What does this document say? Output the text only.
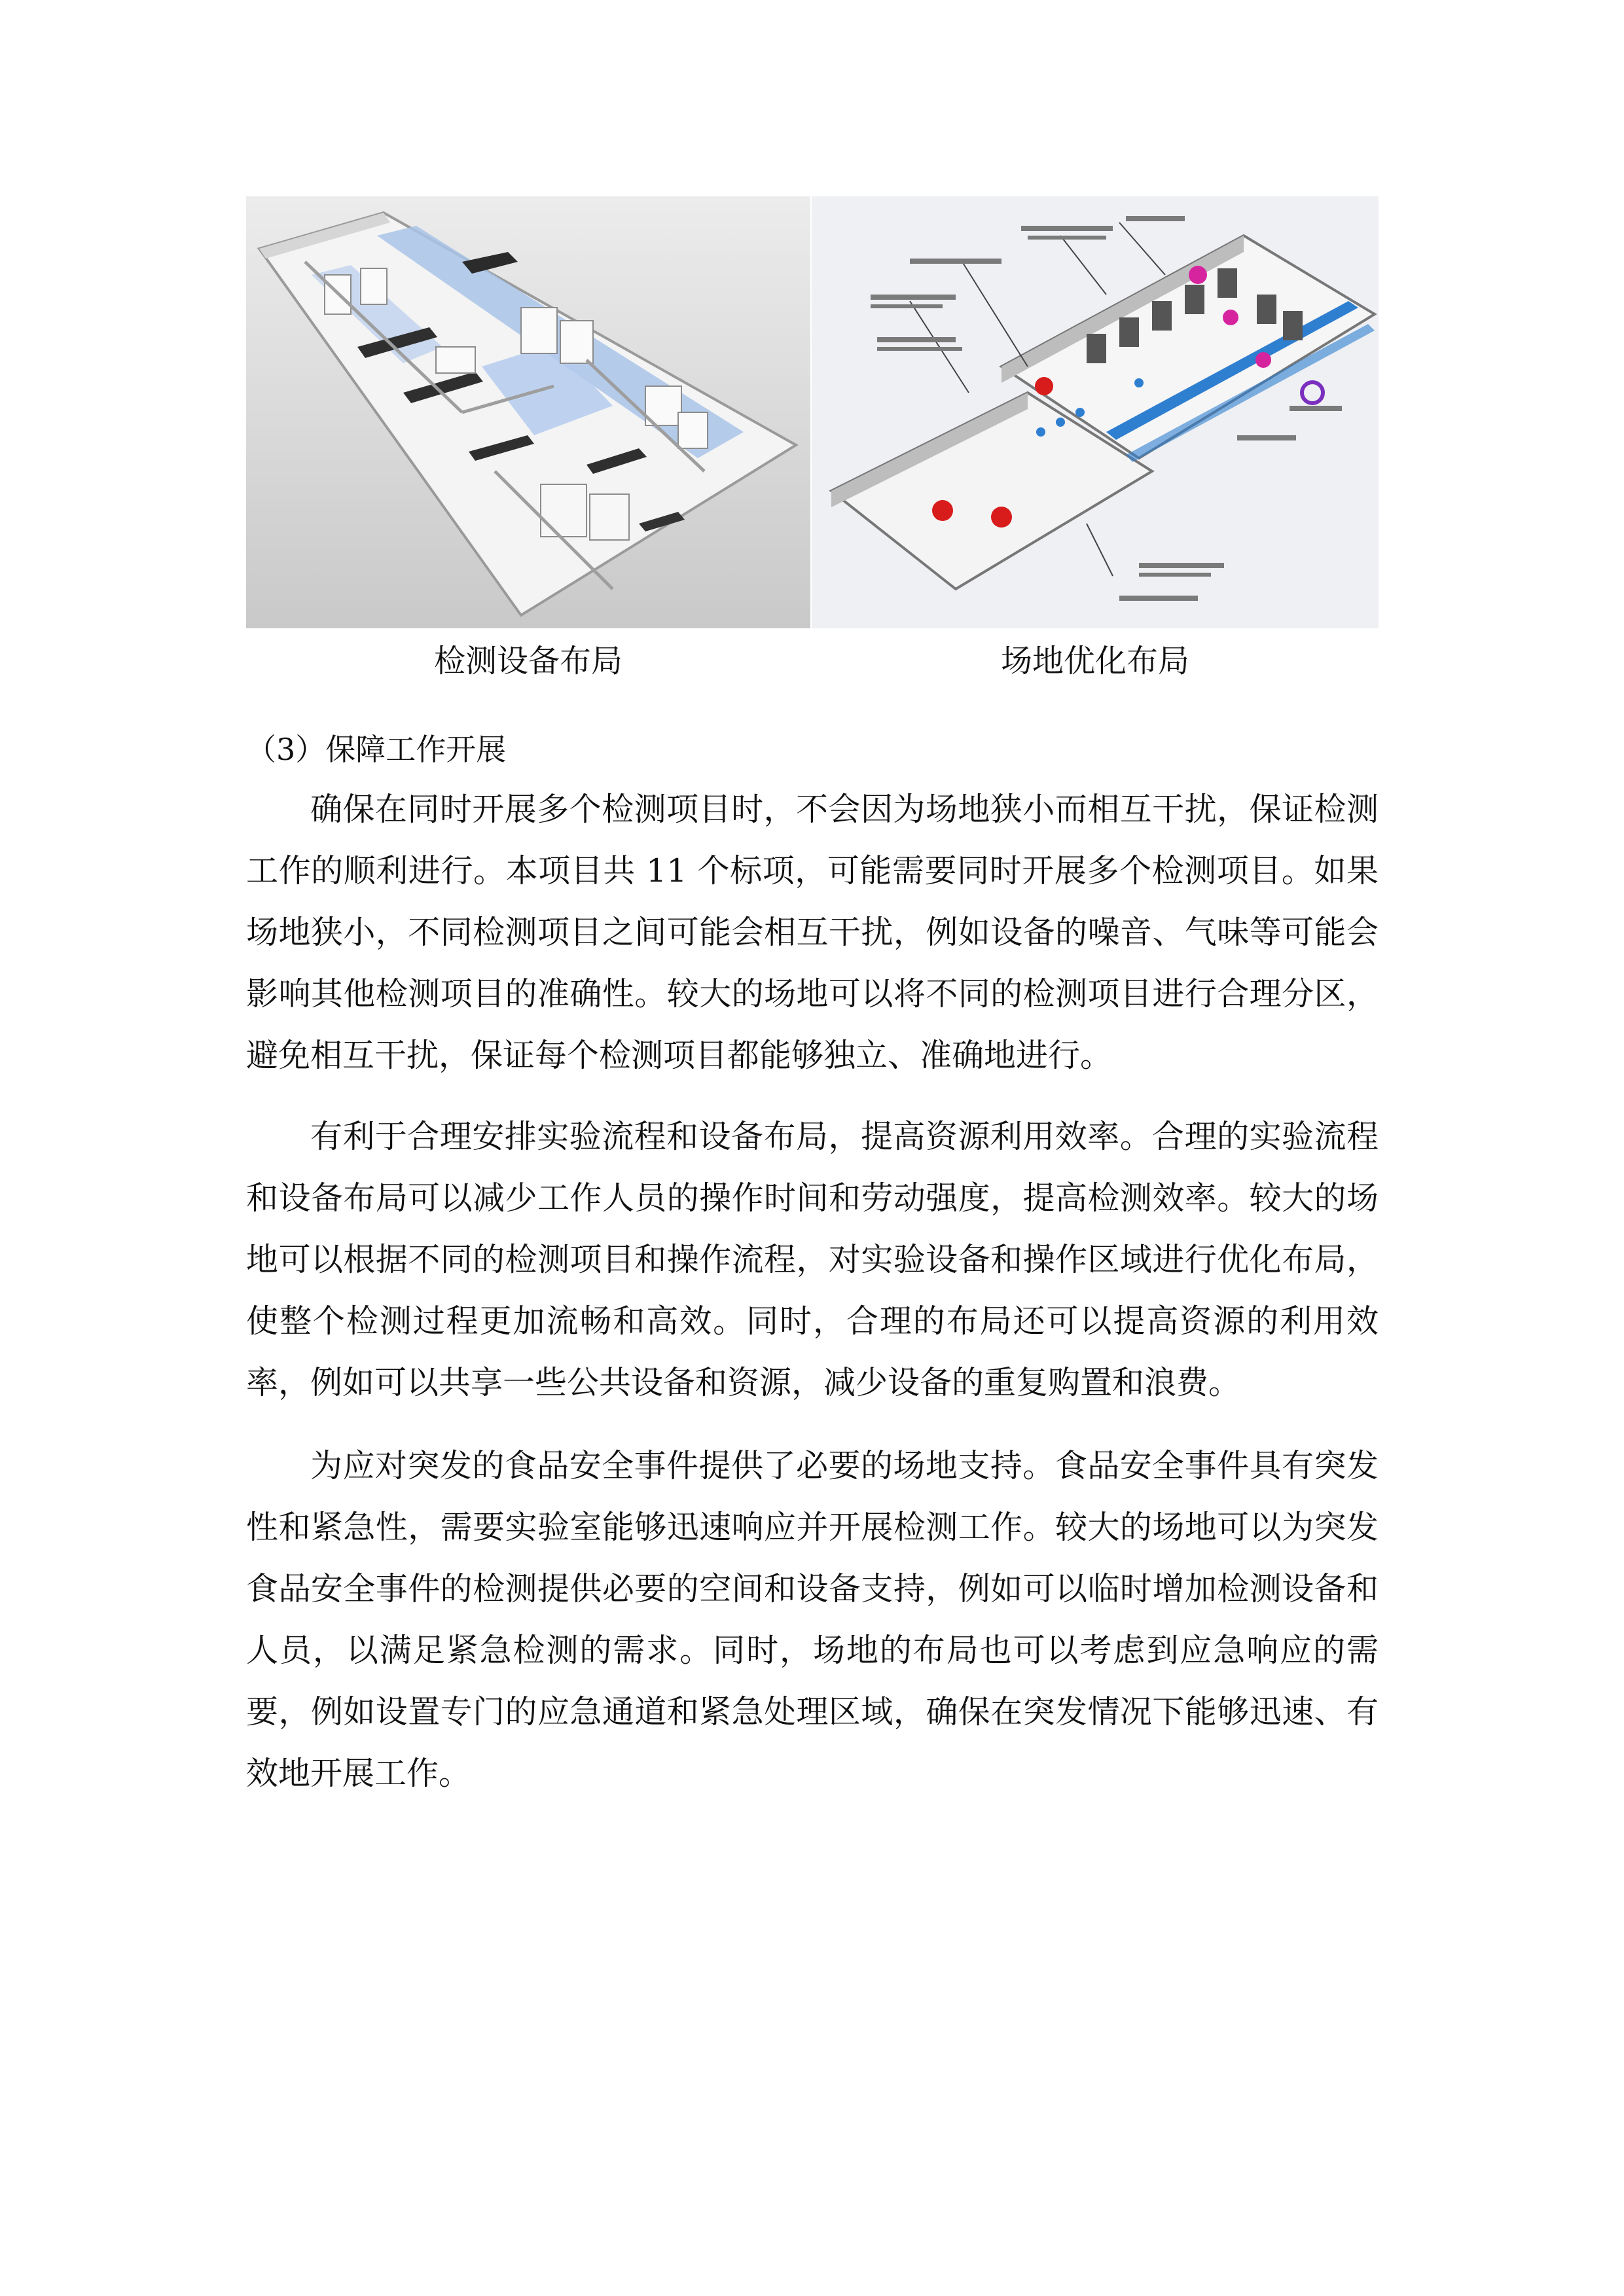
检测设备布局	场地优化布局
（3）保障工作开展

确保在同时开展多个检测项目时，不会因为场地狭小而相互干扰，保证检测工作的顺利进行。本项目共 11 个标项，可能需要同时开展多个检测项目。如果场地狭小，不同检测项目之间可能会相互干扰，例如设备的噪音、气味等可能会影响其他检测项目的准确性。较大的场地可以将不同的检测项目进行合理分区，避免相互干扰，保证每个检测项目都能够独立、准确地进行。

有利于合理安排实验流程和设备布局，提高资源利用效率。合理的实验流程和设备布局可以减少工作人员的操作时间和劳动强度，提高检测效率。较大的场地可以根据不同的检测项目和操作流程，对实验设备和操作区域进行优化布局，使整个检测过程更加流畅和高效。同时，合理的布局还可以提高资源的利用效率，例如可以共享一些公共设备和资源，减少设备的重复购置和浪费。

为应对突发的食品安全事件提供了必要的场地支持。食品安全事件具有突发性和紧急性，需要实验室能够迅速响应并开展检测工作。较大的场地可以为突发食品安全事件的检测提供必要的空间和设备支持，例如可以临时增加检测设备和人员，以满足紧急检测的需求。同时，场地的布局也可以考虑到应急响应的需要，例如设置专门的应急通道和紧急处理区域，确保在突发情况下能够迅速、有效地开展工作。
